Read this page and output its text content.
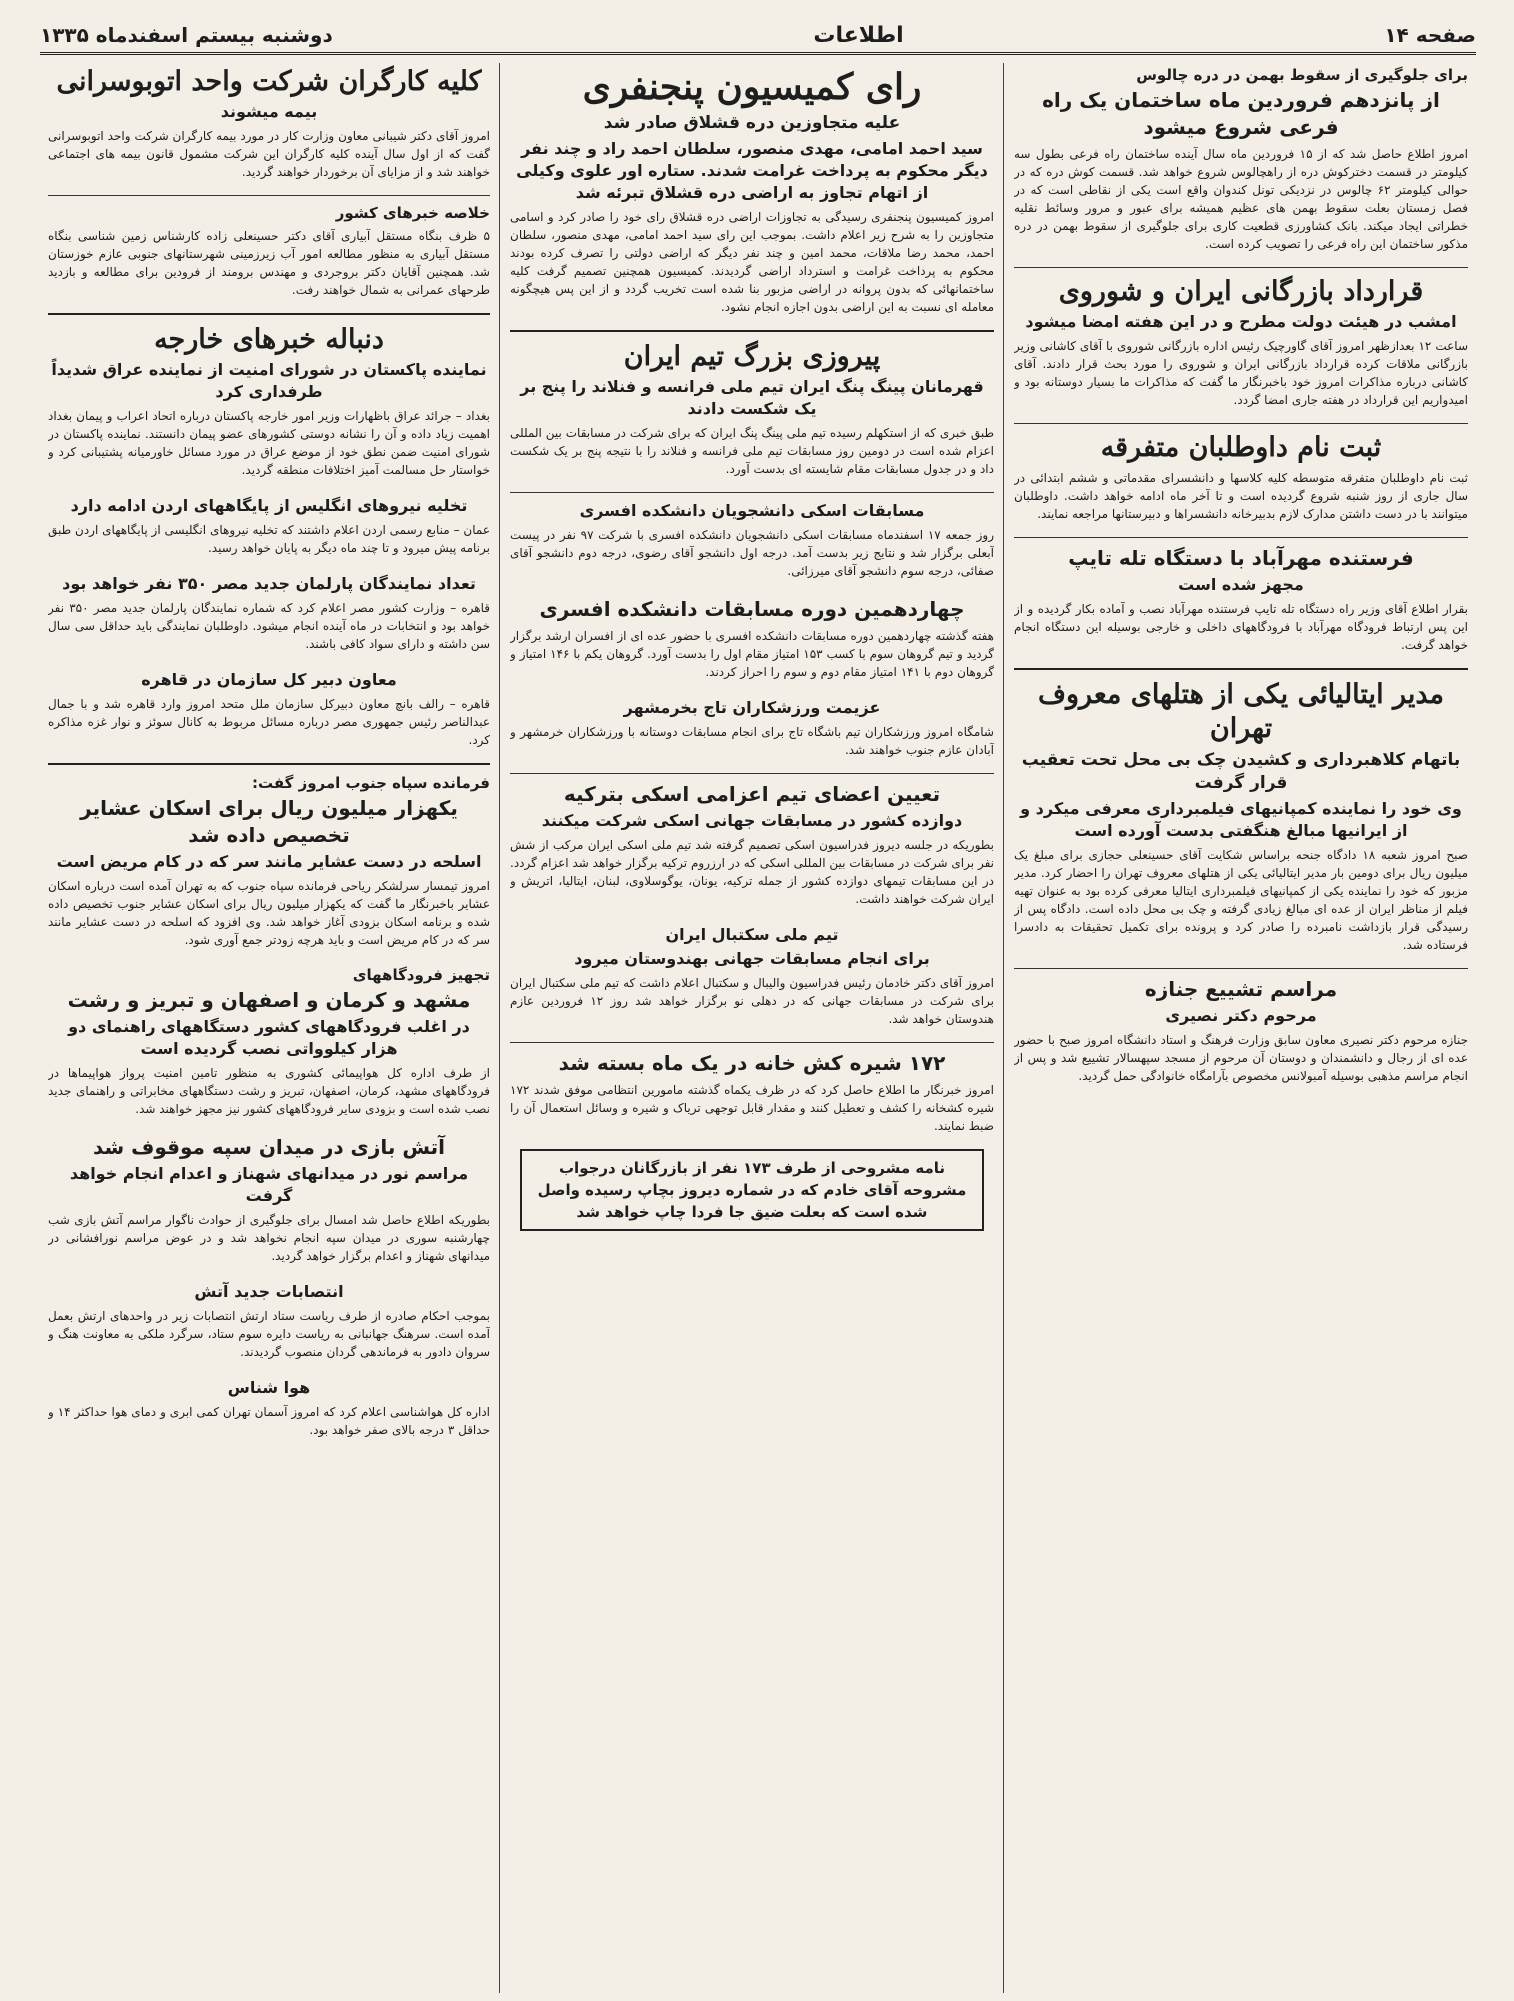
صفحه ۱۴
اطلاعات
دوشنبه بیستم اسفندماه ۱۳۳۵
برای جلوگیری از سقوط بهمن در دره چالوس
از پانزدهم فروردین ماه ساختمان یک راه فرعی شروع میشود
امروز اطلاع حاصل شد که از ۱۵ فروردین ماه سال آینده ساختمان راه فرعی بطول سه کیلومتر در قسمت دخترکوش دره از راهچالوس شروع خواهد شد. قسمت کوش دره که در حوالی کیلومتر ۶۲ چالوس در نزدیکی تونل کندوان واقع است یکی از نقاطی است که در فصل زمستان بعلت سقوط بهمن های عظیم همیشه برای عبور و مرور وسائط نقلیه خطراتی ایجاد میکند. بانک کشاورزی قطعیت کاری برای جلوگیری از سقوط بهمن در دره مذکور ساختمان این راه فرعی را تصویب کرده است.
قرارداد بازرگانی ایران و شوروی
امشب در هیئت دولت مطرح و در این هفته امضا میشود
ساعت ۱۲ بعدازظهر امروز آقای گاورچیک رئیس اداره بازرگانی شوروی با آقای کاشانی وزیر بازرگانی ملاقات کرده قرارداد بازرگانی ایران و شوروی را مورد بحث قرار دادند. آقای کاشانی درباره مذاکرات امروز خود باخبرنگار ما گفت که مذاکرات ما بسیار دوستانه بود و امیدواریم این قرارداد در هفته جاری امضا گردد.
ثبت نام داوطلبان متفرقه
ثبت نام داوطلبان متفرقه متوسطه کلیه کلاسها و دانشسرای مقدماتی و ششم ابتدائی در سال جاری از روز شنبه شروع گردیده است و تا آخر ماه ادامه خواهد داشت. داوطلبان میتوانند با در دست داشتن مدارک لازم بدبیرخانه دانشسراها و دبیرستانها مراجعه نمایند.
فرستنده مهرآباد با دستگاه تله تایپ
مجهز شده است
بقرار اطلاع آقای وزیر راه دستگاه تله تایپ فرستنده مهرآباد نصب و آماده بکار گردیده و از این پس ارتباط فرودگاه مهرآباد با فرودگاههای داخلی و خارجی بوسیله این دستگاه انجام خواهد گرفت.
مدیر ایتالیائی یکی از هتلهای معروف تهران
باتهام کلاهبرداری و کشیدن چک بی محل تحت تعقیب قرار گرفت
وی خود را نماینده کمپانیهای فیلمبرداری معرفی میکرد و از ایرانیها مبالغ هنگفتی بدست آورده است
صبح امروز شعبه ۱۸ دادگاه جنحه براساس شکایت آقای حسینعلی حجازی برای مبلغ یک میلیون ریال برای دومین بار مدیر ایتالیائی یکی از هتلهای معروف تهران را احضار کرد. مدیر مزبور که خود را نماینده یکی از کمپانیهای فیلمبرداری ایتالیا معرفی کرده بود به عنوان تهیه فیلم از مناظر ایران از عده ای مبالغ زیادی گرفته و چک بی محل داده است. دادگاه پس از رسیدگی قرار بازداشت نامبرده را صادر کرد و پرونده برای تکمیل تحقیقات به دادسرا فرستاده شد.
مراسم تشییع جنازه
مرحوم دکتر نصیری
جنازه مرحوم دکتر نصیری معاون سابق وزارت فرهنگ و استاد دانشگاه امروز صبح با حضور عده ای از رجال و دانشمندان و دوستان آن مرحوم از مسجد سپهسالار تشییع شد و پس از انجام مراسم مذهبی بوسیله آمبولانس مخصوص بآرامگاه خانوادگی حمل گردید.
رای کمیسیون پنجنفری
علیه متجاوزین دره قشلاق صادر شد
سید احمد امامی، مهدی منصور، سلطان احمد راد و چند نفر دیگر محکوم به پرداخت غرامت شدند. ستاره اور علوی وکیلی از اتهام تجاوز به اراضی دره قشلاق تبرئه شد
امروز کمیسیون پنجنفری رسیدگی به تجاوزات اراضی دره قشلاق رای خود را صادر کرد و اسامی متجاوزین را به شرح زیر اعلام داشت. بموجب این رای سید احمد امامی، مهدی منصور، سلطان احمد، محمد رضا ملاقات، محمد امین و چند نفر دیگر که اراضی دولتی را تصرف کرده بودند محکوم به پرداخت غرامت و استرداد اراضی گردیدند. کمیسیون همچنین تصمیم گرفت کلیه ساختمانهائی که بدون پروانه در اراضی مزبور بنا شده است تخریب گردد و از این پس هیچگونه معامله ای نسبت به این اراضی بدون اجازه انجام نشود.
پیروزی بزرگ تیم ایران
قهرمانان پینگ پنگ ایران تیم ملی فرانسه و فنلاند را پنج بر یک شکست دادند
طبق خبری که از استکهلم رسیده تیم ملی پینگ پنگ ایران که برای شرکت در مسابقات بین المللی اعزام شده است در دومین روز مسابقات تیم ملی فرانسه و فنلاند را با نتیجه پنج بر یک شکست داد و در جدول مسابقات مقام شایسته ای بدست آورد.
مسابقات اسکی دانشجویان دانشکده افسری
روز جمعه ۱۷ اسفندماه مسابقات اسکی دانشجویان دانشکده افسری با شرکت ۹۷ نفر در پیست آبعلی برگزار شد و نتایج زیر بدست آمد. درجه اول دانشجو آقای رضوی، درجه دوم دانشجو آقای صفائی، درجه سوم دانشجو آقای میرزائی.
چهاردهمین دوره مسابقات دانشکده افسری
هفته گذشته چهاردهمین دوره مسابقات دانشکده افسری با حضور عده ای از افسران ارشد برگزار گردید و تیم گروهان سوم با کسب ۱۵۳ امتیاز مقام اول را بدست آورد. گروهان یکم با ۱۴۶ امتیاز و گروهان دوم با ۱۴۱ امتیاز مقام دوم و سوم را احراز کردند.
عزیمت ورزشکاران تاج بخرمشهر
شامگاه امروز ورزشکاران تیم باشگاه تاج برای انجام مسابقات دوستانه با ورزشکاران خرمشهر و آبادان عازم جنوب خواهند شد.
تعیین اعضای تیم اعزامی اسکی بترکیه
دوازده کشور در مسابقات جهانی اسکی شرکت میکنند
بطوریکه در جلسه دیروز فدراسیون اسکی تصمیم گرفته شد تیم ملی اسکی ایران مرکب از شش نفر برای شرکت در مسابقات بین المللی اسکی که در ارزروم ترکیه برگزار خواهد شد اعزام گردد. در این مسابقات تیمهای دوازده کشور از جمله ترکیه، یونان، یوگوسلاوی، لبنان، ایتالیا، اتریش و ایران شرکت خواهند داشت.
تیم ملی سکتبال ایران
برای انجام مسابقات جهانی بهندوستان میرود
امروز آقای دکتر خادمان رئیس فدراسیون والیبال و سکتبال اعلام داشت که تیم ملی سکتبال ایران برای شرکت در مسابقات جهانی که در دهلی نو برگزار خواهد شد روز ۱۲ فروردین عازم هندوستان خواهد شد.
۱۷۲ شیره کش خانه در یک ماه بسته شد
امروز خبرنگار ما اطلاع حاصل کرد که در ظرف یکماه گذشته مامورین انتظامی موفق شدند ۱۷۲ شیره کشخانه را کشف و تعطیل کنند و مقدار قابل توجهی تریاک و شیره و وسائل استعمال آن را ضبط نمایند.
نامه مشروحی از طرف ۱۷۳ نفر از بازرگانان درجواب مشروحه آقای خادم که در شماره دیروز بچاپ رسیده واصل شده است که بعلت ضیق جا فردا چاپ خواهد شد
کلیه کارگران شرکت واحد اتوبوسرانی
بیمه میشوند
امروز آقای دکتر شیبانی معاون وزارت کار در مورد بیمه کارگران شرکت واحد اتوبوسرانی گفت که از اول سال آینده کلیه کارگران این شرکت مشمول قانون بیمه های اجتماعی خواهند شد و از مزایای آن برخوردار خواهند گردید.
خلاصه خبرهای کشور
۵ ظرف بنگاه مستقل آبیاری آقای دکتر حسینعلی زاده کارشناس زمین شناسی بنگاه مستقل آبیاری به منظور مطالعه امور آب زیرزمینی شهرستانهای جنوبی عازم خوزستان شد. همچنین آقایان دکتر بروجردی و مهندس برومند از فرودین برای مطالعه و بازدید طرحهای عمرانی به شمال خواهند رفت.
دنباله خبرهای خارجه
نماینده پاکستان در شورای امنیت از نماینده عراق شدیداً طرفداری کرد
بغداد – جرائد عراق باظهارات وزیر امور خارجه پاکستان درباره اتحاد اعراب و پیمان بغداد اهمیت زیاد داده و آن را نشانه دوستی کشورهای عضو پیمان دانستند. نماینده پاکستان در شورای امنیت ضمن نطق خود از موضع عراق در مورد مسائل خاورمیانه پشتیبانی کرد و خواستار حل مسالمت آمیز اختلافات منطقه گردید.
تخلیه نیروهای انگلیس از پایگاههای اردن ادامه دارد
عمان – منابع رسمی اردن اعلام داشتند که تخلیه نیروهای انگلیسی از پایگاههای اردن طبق برنامه پیش میرود و تا چند ماه دیگر به پایان خواهد رسید.
تعداد نمایندگان پارلمان جدید مصر ۳۵۰ نفر خواهد بود
قاهره – وزارت کشور مصر اعلام کرد که شماره نمایندگان پارلمان جدید مصر ۳۵۰ نفر خواهد بود و انتخابات در ماه آینده انجام میشود. داوطلبان نمایندگی باید حداقل سی سال سن داشته و دارای سواد کافی باشند.
معاون دبیر کل سازمان در قاهره
قاهره – رالف بانچ معاون دبیرکل سازمان ملل متحد امروز وارد قاهره شد و با جمال عبدالناصر رئیس جمهوری مصر درباره مسائل مربوط به کانال سوئز و نوار غزه مذاکره کرد.
فرمانده سپاه جنوب امروز گفت:
یکهزار میلیون ریال برای اسکان عشایر تخصیص داده شد
اسلحه در دست عشایر مانند سر که در کام مریض است
امروز تیمسار سرلشکر ریاحی فرمانده سپاه جنوب که به تهران آمده است درباره اسکان عشایر باخبرنگار ما گفت که یکهزار میلیون ریال برای اسکان عشایر جنوب تخصیص داده شده و برنامه اسکان بزودی آغاز خواهد شد. وی افزود که اسلحه در دست عشایر مانند سر که در کام مریض است و باید هرچه زودتر جمع آوری شود.
تجهیز فرودگاههای
مشهد و کرمان و اصفهان و تبریز و رشت
در اغلب فرودگاههای کشور دستگاههای راهنمای دو هزار کیلوواتی نصب گردیده است
از طرف اداره کل هواپیمائی کشوری به منظور تامین امنیت پرواز هواپیماها در فرودگاههای مشهد، کرمان، اصفهان، تبریز و رشت دستگاههای مخابراتی و راهنمای جدید نصب شده است و بزودی سایر فرودگاههای کشور نیز مجهز خواهند شد.
آتش بازی در میدان سپه موقوف شد
مراسم نور در میدانهای شهناز و اعدام انجام خواهد گرفت
بطوریکه اطلاع حاصل شد امسال برای جلوگیری از حوادث ناگوار مراسم آتش بازی شب چهارشنبه سوری در میدان سپه انجام نخواهد شد و در عوض مراسم نورافشانی در میدانهای شهناز و اعدام برگزار خواهد گردید.
انتصابات جدید آتش
بموجب احکام صادره از طرف ریاست ستاد ارتش انتصابات زیر در واحدهای ارتش بعمل آمده است. سرهنگ جهانبانی به ریاست دایره سوم ستاد، سرگرد ملکی به معاونت هنگ و سروان دادور به فرماندهی گردان منصوب گردیدند.
هوا شناس
اداره کل هواشناسی اعلام کرد که امروز آسمان تهران کمی ابری و دمای هوا حداکثر ۱۴ و حداقل ۳ درجه بالای صفر خواهد بود.
